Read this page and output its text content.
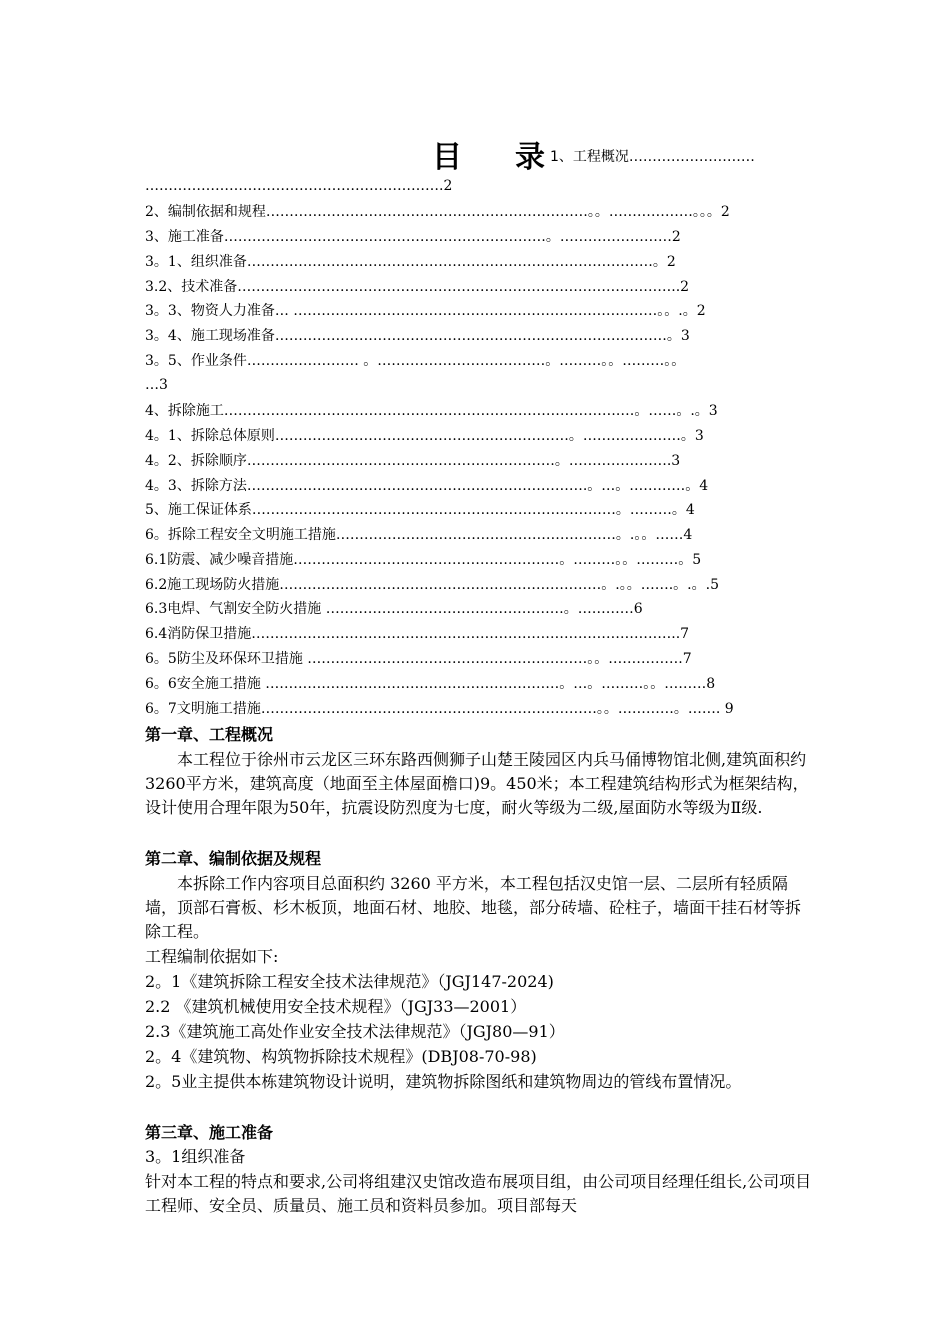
目 录 1、工程概况………………………
……………………………………………………….2
2、编制依据和规程……………………………………………………………。。………………。。。2
3、施工准备……………………………………………………………。……………………2
3。1、组织准备……………………………………………………………………………。2
3.2、技术准备…………………………………………………………………………………..2
3。3、物资人力准备… ……………………………………………………………………。。.。2
3。4、施工现场准备…………………………………………………………………………。3
3。5、作业条件…………………… 。………………………………。………。。………。。
…3
4、拆除施工………………………………………………………………………….…。……。.。3
4。1、拆除总体原则………………………………………………………。…………………。3
4。2、拆除顺序…………………………………………………………。………………….3
4。3、拆除方法……………………………………………………………….。…。…………。4
5、施工保证体系……………………………………………………………………。………。4
6。拆除工程安全文明施工措施……………………………………………………。.。。……4
6.1防震、减少噪音措施…………………………………………………。………。。………。5
6.2施工现场防火措施……………………………………………………………。.。。…….。.。.5
6.3电焊、气割安全防火措施 ……………………………………………。…………6
6.4消防保卫措施………………………………………………………………………………..7
6。5防尘及环保环卫措施 ……………………………………………………。。…………….7
6。6安全施工措施 ………………………………………………………。…。………。。………8
6。7文明施工措施………………………………………………………………。。…………。……. 9
第一章、工程概况
本工程位于徐州市云龙区三环东路西侧狮子山楚王陵园区内兵马俑博物馆北侧,建筑面积约3260平方米，建筑高度（地面至主体屋面檐口)9。450米；本工程建筑结构形式为框架结构，设计使用合理年限为50年，抗震设防烈度为七度，耐火等级为二级,屋面防水等级为Ⅱ级.
第二章、编制依据及规程
本拆除工作内容项目总面积约 3260 平方米，本工程包括汉史馆一层、二层所有轻质隔墙，顶部石膏板、杉木板顶，地面石材、地胶、地毯，部分砖墙、砼柱子，墙面干挂石材等拆除工程。
工程编制依据如下:
2。1《建筑拆除工程安全技术法律规范》（JGJ147-2024)
2.2 《建筑机械使用安全技术规程》（JGJ33—2001）
2.3《建筑施工高处作业安全技术法律规范》（JGJ80—91）
2。4《建筑物、构筑物拆除技术规程》(DBJ08-70-98)
2。5业主提供本栋建筑物设计说明，建筑物拆除图纸和建筑物周边的管线布置情况。
第三章、施工准备
3。1组织准备
针对本工程的特点和要求,公司将组建汉史馆改造布展项目组，由公司项目经理任组长,公司项目工程师、安全员、质量员、施工员和资料员参加。项目部每天
